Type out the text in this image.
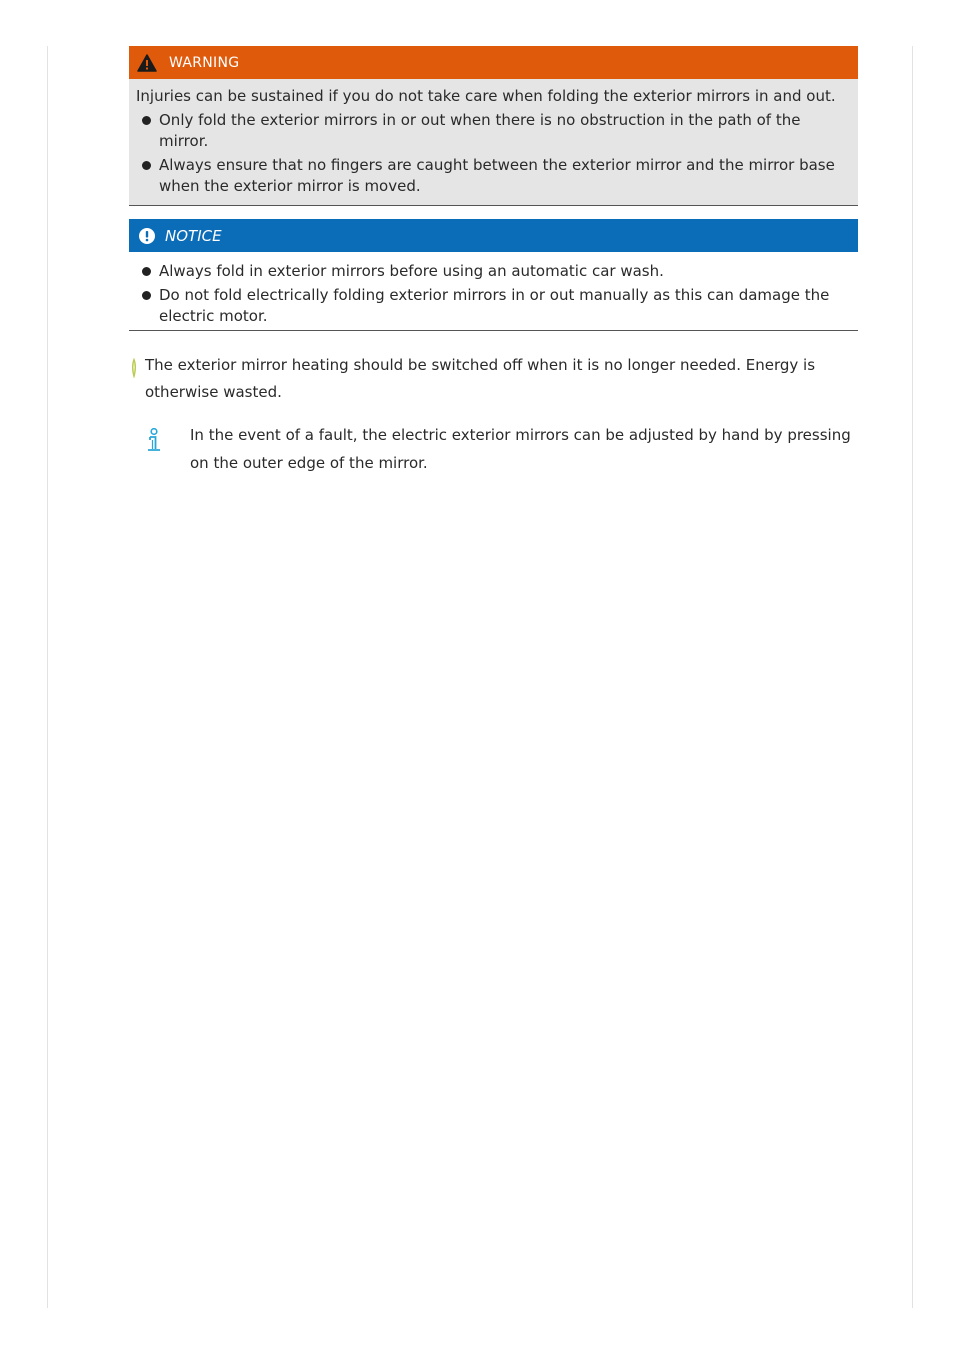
WARNING

Injuries can be sustained if you do not take care when folding the exterior mirrors in and out.

Only fold the exterior mirrors in or out when there is no obstruction in the path of the mirror.
Always ensure that no fingers are caught between the exterior mirror and the mirror base when the exterior mirror is moved.
NOTICE
Always fold in exterior mirrors before using an automatic car wash.
Do not fold electrically folding exterior mirrors in or out manually as this can damage the electric motor.
The exterior mirror heating should be switched off when it is no longer needed. Energy is otherwise wasted.
In the event of a fault, the electric exterior mirrors can be adjusted by hand by pressing on the outer edge of the mirror.
